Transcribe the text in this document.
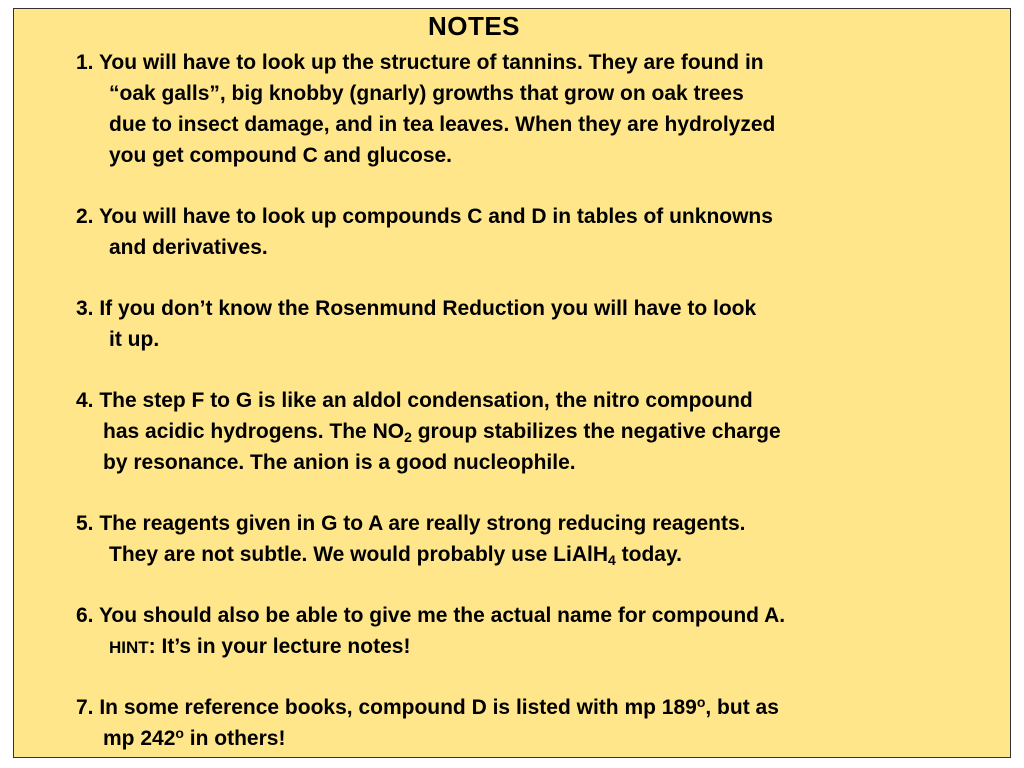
NOTES
1. You will have to look up the structure of tannins. They are found in
“oak galls”, big knobby (gnarly) growths that grow on oak trees
due to insect damage, and in tea leaves. When they are hydrolyzed
you get compound C and glucose.
2. You will have to look up compounds C and D in tables of unknowns
and derivatives.
3. If you don’t know the Rosenmund Reduction you will have to look
it up.
4. The step F to G is like an aldol condensation, the nitro compound
has acidic hydrogens. The $NO_2$ group stabilizes the negative charge
by resonance. The anion is a good nucleophile.
5. The reagents given in G to A are really strong reducing reagents.
They are not subtle. We would probably use LiAlH$_4$ today.
6. You should also be able to give me the actual name for compound A.
HINT: It’s in your lecture notes!
7. In some reference books, compound D is listed with mp 189$^o$, but as
mp 242$^o$ in others!
